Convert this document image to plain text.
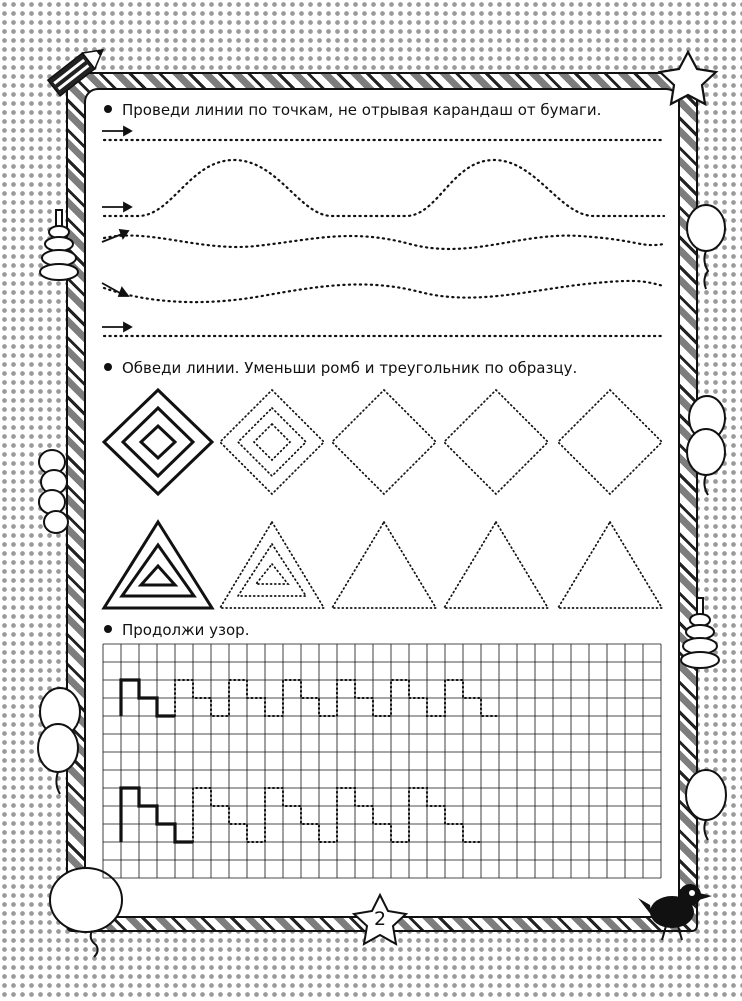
Проведи линии по точкам, не отрывая карандаш от бумаги.

Обведи линии. Уменьши ромб и треугольник по образцу.

Продолжи узор.

2
